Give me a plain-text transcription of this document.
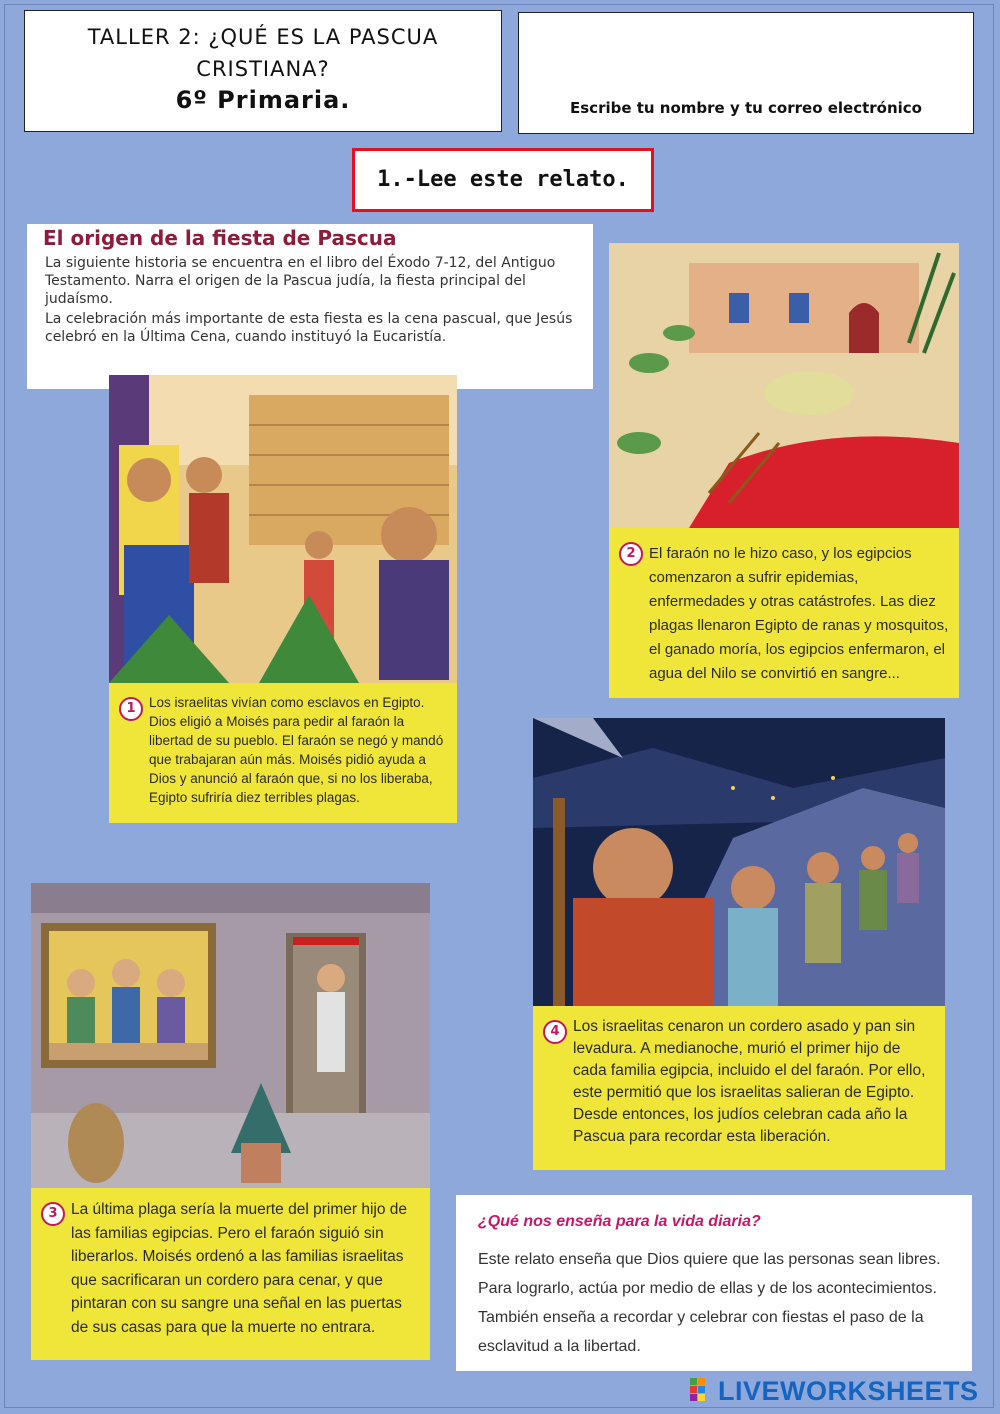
TALLER 2: ¿QUÉ ES LA PASCUA
CRISTIANA?
6º Primaria.	Escribe tu nombre y tu correo electrónico
1.-Lee este relato.
El origen de la fiesta de Pascua

La siguiente historia se encuentra en el libro del Éxodo 7-12, del Antiguo Testamento. Narra el origen de la Pascua judía, la fiesta principal del judaísmo.

La celebración más importante de esta fiesta es la cena pascual, que Jesús celebró en la Última Cena, cuando instituyó la Eucaristía.

1 Los israelitas vivían como esclavos en Egipto. Dios eligió a Moisés para pedir al faraón la libertad de su pueblo. El faraón se negó y mandó que trabajaran aún más. Moisés pidió ayuda a Dios y anunció al faraón que, si no los liberaba, Egipto sufriría diez terribles plagas.

2 El faraón no le hizo caso, y los egipcios comenzaron a sufrir epidemias, enfermedades y otras catástrofes. Las diez plagas llenaron Egipto de ranas y mosquitos, el ganado moría, los egipcios enfermaron, el agua del Nilo se convirtió en sangre...

3 La última plaga sería la muerte del primer hijo de las familias egipcias. Pero el faraón siguió sin liberarlos. Moisés ordenó a las familias israelitas que sacrificaran un cordero para cenar, y que pintaran con su sangre una señal en las puertas de sus casas para que la muerte no entrara.

4 Los israelitas cenaron un cordero asado y pan sin levadura. A medianoche, murió el primer hijo de cada familia egipcia, incluido el del faraón. Por ello, este permitió que los israelitas salieran de Egipto. Desde entonces, los judíos celebran cada año la Pascua para recordar esta liberación.

¿Qué nos enseña para la vida diaria?

Este relato enseña que Dios quiere que las personas sean libres. Para lograrlo, actúa por medio de ellas y de los acontecimientos. También enseña a recordar y celebrar con fiestas el paso de la esclavitud a la libertad.

LIVEWORKSHEETS
